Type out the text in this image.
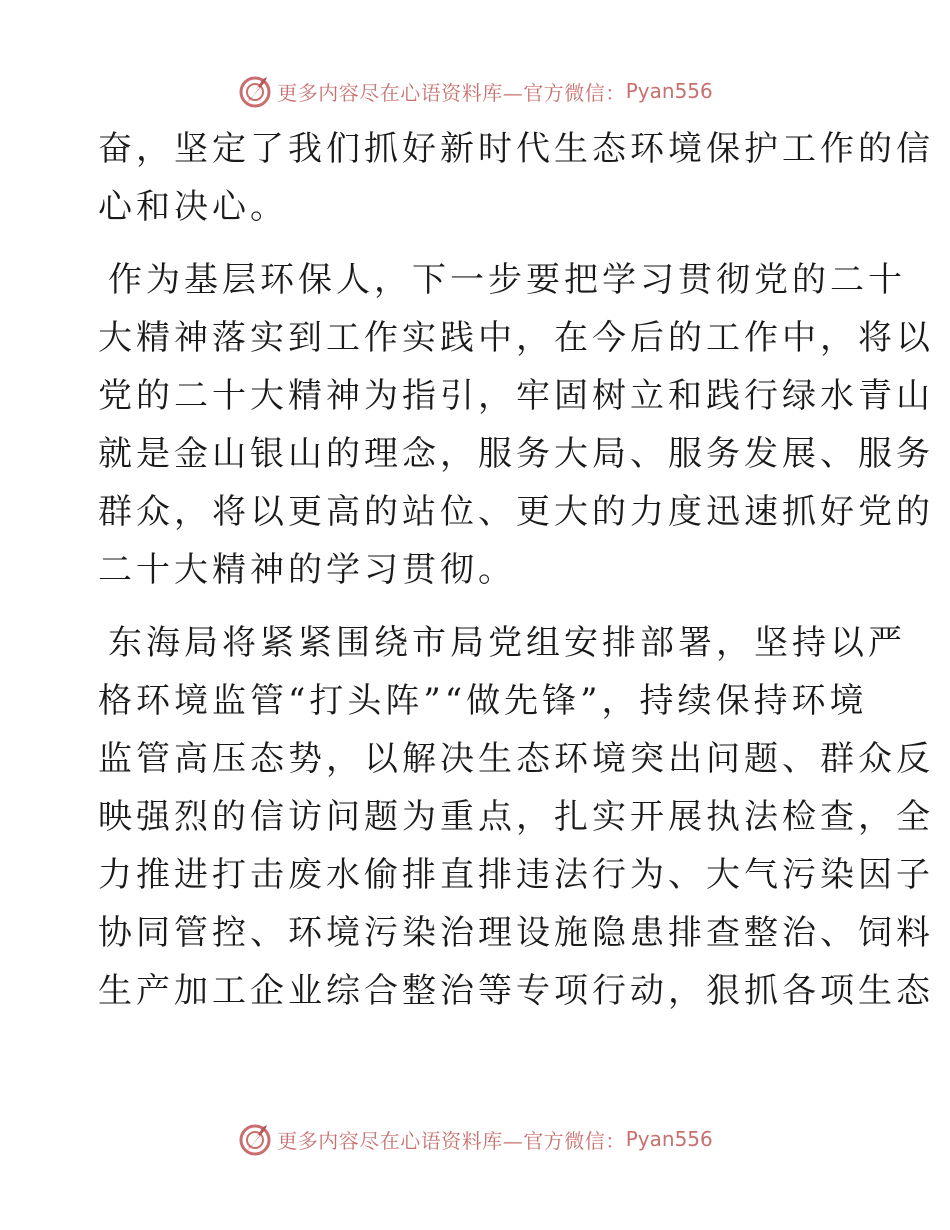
更多内容尽在心语资料库—官方微信： Pyan556
奋，坚定了我们抓好新时代生态环境保护工作的信
心和决心。
作为基层环保人，下一步要把学习贯彻党的二十
大精神落实到工作实践中，在今后的工作中，将以
党的二十大精神为指引，牢固树立和践行绿水青山
就是金山银山的理念，服务大局、服务发展、服务
群众，将以更高的站位、更大的力度迅速抓好党的
二十大精神的学习贯彻。
东海局将紧紧围绕市局党组安排部署，坚持以严
格环境监管“打头阵”“做先锋”，持续保持环境
监管高压态势，以解决生态环境突出问题、群众反
映强烈的信访问题为重点，扎实开展执法检查，全
力推进打击废水偷排直排违法行为、大气污染因子
协同管控、环境污染治理设施隐患排查整治、饲料
生产加工企业综合整治等专项行动，狠抓各项生态
更多内容尽在心语资料库—官方微信： Pyan556
